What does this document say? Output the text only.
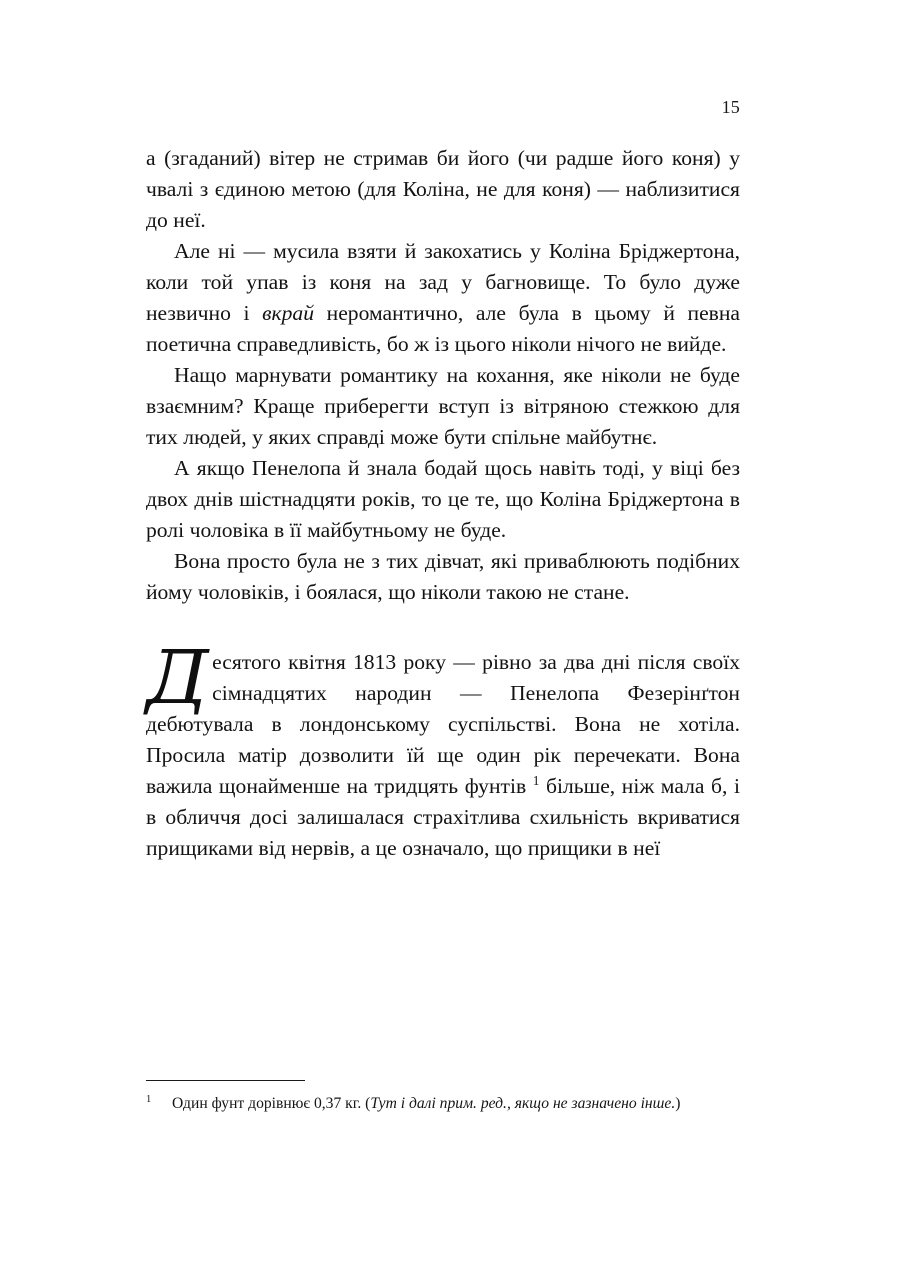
15

а (згаданий) вітер не стримав би його (чи радше його коня) у чвалі з єдиною метою (для Коліна, не для коня) — наблизитися до неї.

Але ні — мусила взяти й закохатись у Коліна Бріджертона, коли той упав із коня на зад у багновище. То було дуже незвично і вкрай неромантично, але була в цьому й певна поетична справедливість, бо ж із цього ніколи нічого не вийде.

Нащо марнувати романтику на кохання, яке ніколи не буде взаємним? Краще приберегти вступ із вітряною стежкою для тих людей, у яких справді може бути спільне майбутнє.

А якщо Пенелопа й знала бодай щось навіть тоді, у віці без двох днів шістнадцяти років, то це те, що Коліна Бріджертона в ролі чоловіка в її майбутньому не буде.

Вона просто була не з тих дівчат, які приваблюють подібних йому чоловіків, і боялася, що ніколи такою не стане.

Десятого квітня 1813 року — рівно за два дні після своїх сімнадцятих народин — Пенелопа Фезерінґтон дебютувала в лондонському суспільстві. Вона не хотіла. Просила матір дозволити їй ще один рік перечекати. Вона важила щонайменше на тридцять фунтів $^1$ більше, ніж мала б, і в обличчя досі залишалася страхітлива схильність вкриватися прищиками від нервів, а це означало, що прищики в неї

1 Один фунт дорівнює 0,37 кг. (Тут і далі прим. ред., якщо не зазначено інше.)
